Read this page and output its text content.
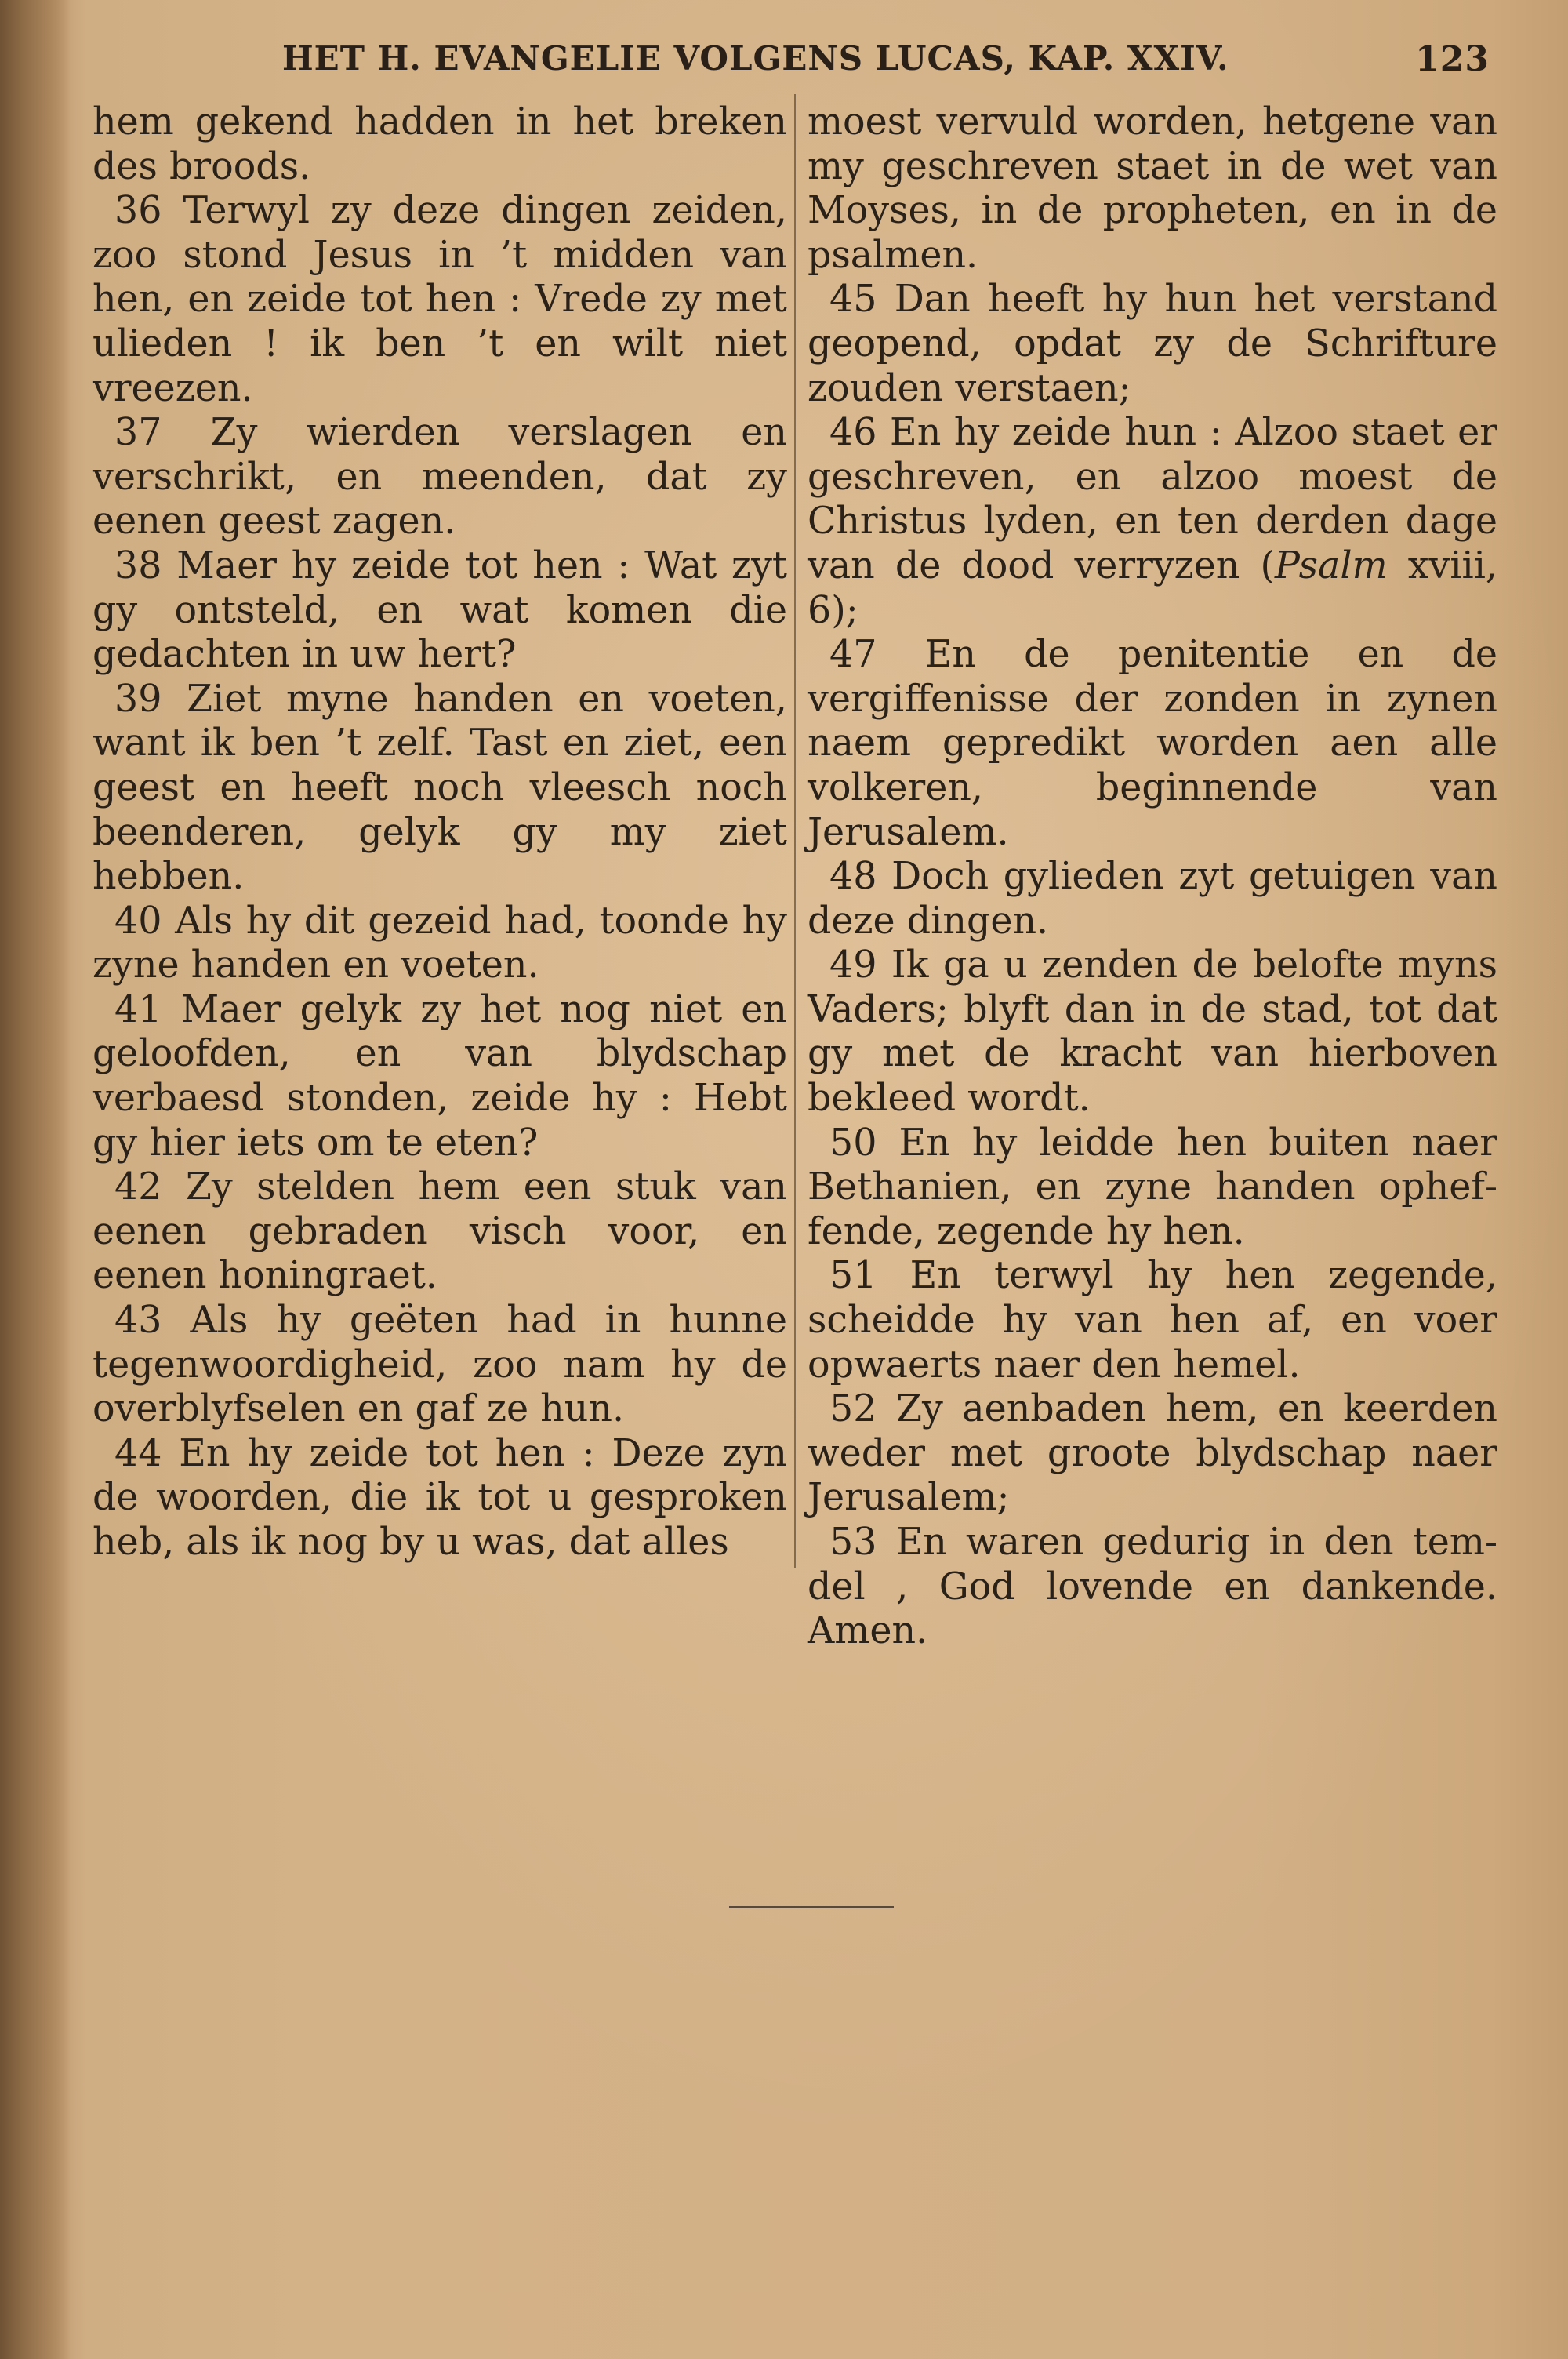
HET H. EVANGELIE VOLGENS LUCAS, KAP. XXIV.	123

hem gekend hadden in het breken des broods.

36 Terwyl zy deze dingen zeiden, zoo stond Jesus in ’t midden van hen, en zeide tot hen : Vrede zy met ulieden ! ik ben ’t en wilt niet vreezen.

37 Zy wierden verslagen en verschrikt, en meenden, dat zy eenen geest zagen.

38 Maer hy zeide tot hen : Wat zyt gy ontsteld, en wat komen die gedachten in uw hert?

39 Ziet myne handen en voeten, want ik ben ’t zelf. Tast en ziet, een geest en heeft noch vleesch noch beenderen, gelyk gy my ziet hebben.

40 Als hy dit gezeid had, toonde hy zyne handen en voeten.

41 Maer gelyk zy het nog niet en geloofden, en van blydschap verbaesd stonden, zeide hy : Hebt gy hier iets om te eten?

42 Zy stelden hem een stuk van eenen gebraden visch voor, en eenen honingraet.

43 Als hy geëten had in hunne tegenwoordigheid, zoo nam hy de overblyfselen en gaf ze hun.

44 En hy zeide tot hen : Deze zyn de woorden, die ik tot u gesproken heb, als ik nog by u was, dat alles

moest vervuld worden, hetgene van my geschreven staet in de wet van Moyses, in de propheten, en in de psalmen.

45 Dan heeft hy hun het verstand geopend, opdat zy de Schrifture zouden verstaen;

46 En hy zeide hun : Alzoo staet er geschreven, en alzoo moest de Christus lyden, en ten derden dage van de dood verryzen (Psalm xviii, 6);

47 En de penitentie en de vergiffenisse der zonden in zynen naem gepredikt worden aen alle volkeren, beginnende van Jerusalem.

48 Doch gylieden zyt getuigen van deze dingen.

49 Ik ga u zenden de belofte myns Vaders; blyft dan in de stad, tot dat gy met de kracht van hierboven bekleed wordt.

50 En hy leidde hen buiten naer Bethanien, en zyne handen opheffende, zegende hy hen.

51 En terwyl hy hen zegende, scheidde hy van hen af, en voer opwaerts naer den hemel.

52 Zy aenbaden hem, en keerden weder met groote blydschap naer Jerusalem;

53 En waren gedurig in den temdel , God lovende en dankende. Amen.
